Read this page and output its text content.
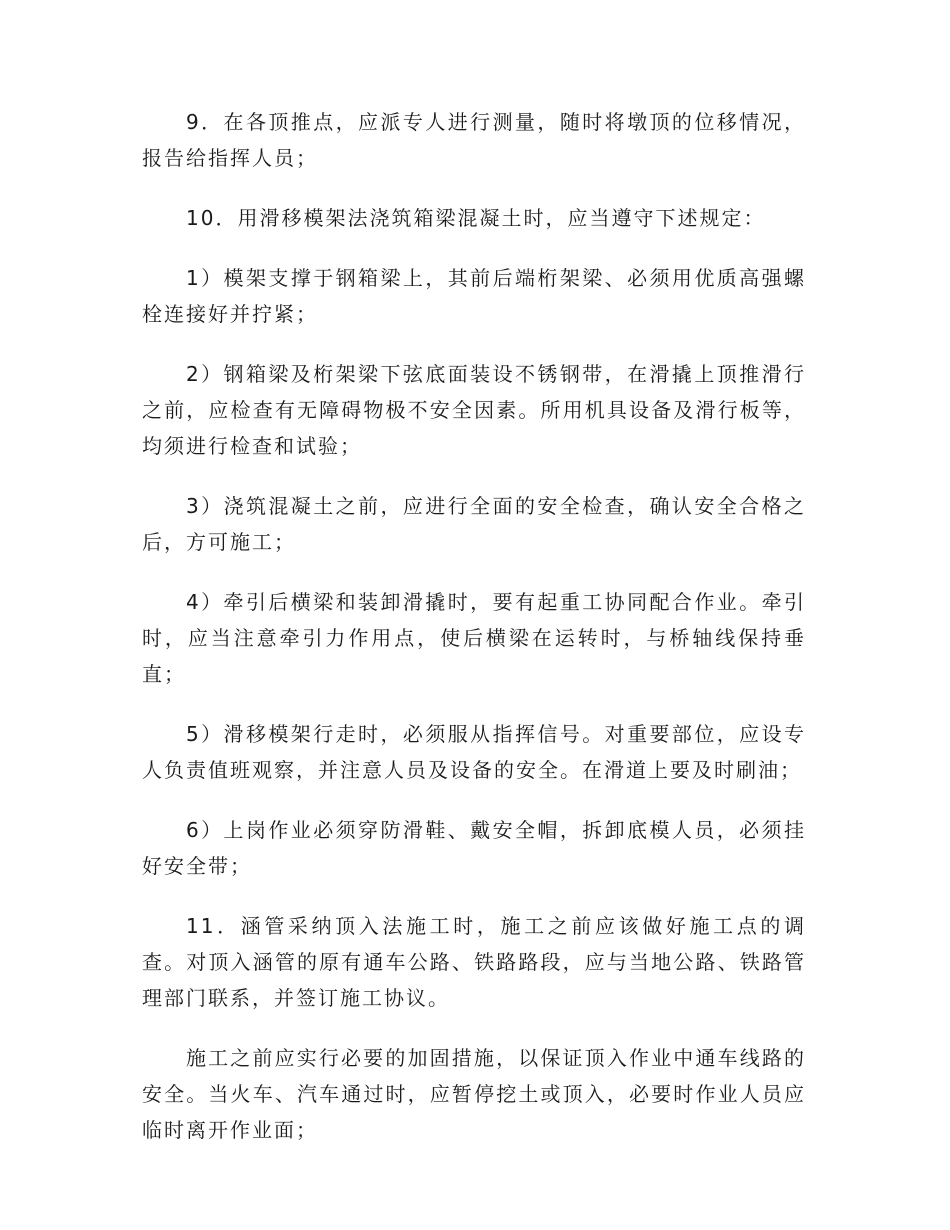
9．在各顶推点，应派专人进行测量，随时将墩顶的位移情况，报告给指挥人员；

10．用滑移模架法浇筑箱梁混凝土时，应当遵守下述规定：

1）模架支撑于钢箱梁上，其前后端桁架梁、必须用优质高强螺栓连接好并拧紧；

2）钢箱梁及桁架梁下弦底面装设不锈钢带，在滑撬上顶推滑行之前，应检查有无障碍物极不安全因素。所用机具设备及滑行板等，均须进行检查和试验；

3）浇筑混凝土之前，应进行全面的安全检查，确认安全合格之后，方可施工；

4）牵引后横梁和装卸滑撬时，要有起重工协同配合作业。牵引时，应当注意牵引力作用点，使后横梁在运转时，与桥轴线保持垂直；

5）滑移模架行走时，必须服从指挥信号。对重要部位，应设专人负责值班观察，并注意人员及设备的安全。在滑道上要及时刷油；

6）上岗作业必须穿防滑鞋、戴安全帽，拆卸底模人员，必须挂好安全带；

11．涵管采纳顶入法施工时，施工之前应该做好施工点的调查。对顶入涵管的原有通车公路、铁路路段，应与当地公路、铁路管理部门联系，并签订施工协议。

施工之前应实行必要的加固措施，以保证顶入作业中通车线路的安全。当火车、汽车通过时，应暂停挖土或顶入，必要时作业人员应临时离开作业面；
